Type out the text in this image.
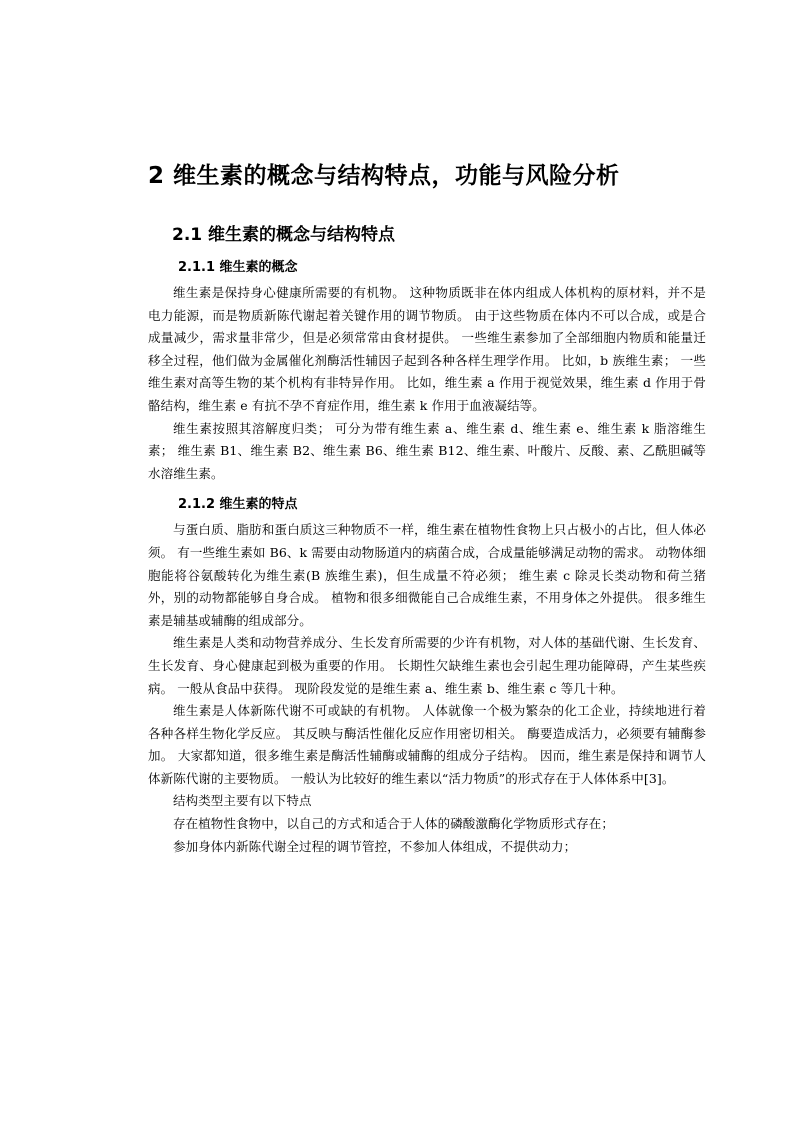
2 维生素的概念与结构特点，功能与风险分析
2.1 维生素的概念与结构特点
2.1.1 维生素的概念

维生素是保持身心健康所需要的有机物。 这种物质既非在体内组成人体机构的原材料，并不是电力能源，而是物质新陈代谢起着关键作用的调节物质。 由于这些物质在体内不可以合成，或是合成量减少，需求量非常少，但是必须常常由食材提供。 一些维生素参加了全部细胞内物质和能量迁移全过程，他们做为金属催化剂酶活性辅因子起到各种各样生理学作用。 比如，b 族维生素； 一些维生素对高等生物的某个机构有非特异作用。 比如，维生素 a 作用于视觉效果，维生素 d 作用于骨骼结构，维生素 e 有抗不孕不育症作用，维生素 k 作用于血液凝结等。

维生素按照其溶解度归类； 可分为带有维生素 a、维生素 d、维生素 e、维生素 k 脂溶维生素； 维生素 B1、维生素 B2、维生素 B6、维生素 B12、维生素、叶酸片、反酸、素、乙酰胆碱等水溶维生素。

2.1.2 维生素的特点

与蛋白质、脂肪和蛋白质这三种物质不一样，维生素在植物性食物上只占极小的占比，但人体必须。 有一些维生素如 B6、k 需要由动物肠道内的病菌合成，合成量能够满足动物的需求。 动物体细胞能将谷氨酸转化为维生素(B 族维生素)，但生成量不符必须； 维生素 c 除灵长类动物和荷兰猪外，别的动物都能够自身合成。 植物和很多细微能自己合成维生素，不用身体之外提供。 很多维生素是辅基或辅酶的组成部分。

维生素是人类和动物营养成分、生长发育所需要的少许有机物，对人体的基础代谢、生长发育、生长发育、身心健康起到极为重要的作用。 长期性欠缺维生素也会引起生理功能障碍，产生某些疾病。 一般从食品中获得。 现阶段发觉的是维生素 a、维生素 b、维生素 c 等几十种。

维生素是人体新陈代谢不可或缺的有机物。 人体就像一个极为繁杂的化工企业，持续地进行着各种各样生物化学反应。 其反映与酶活性催化反应作用密切相关。 酶要造成活力，必须要有辅酶参加。 大家都知道，很多维生素是酶活性辅酶或辅酶的组成分子结构。 因而，维生素是保持和调节人体新陈代谢的主要物质。 一般认为比较好的维生素以“活力物质”的形式存在于人体体系中[3]。

结构类型主要有以下特点

存在植物性食物中，以自己的方式和适合于人体的磷酸激酶化学物质形式存在；

参加身体内新陈代谢全过程的调节管控，不参加人体组成，不提供动力；
